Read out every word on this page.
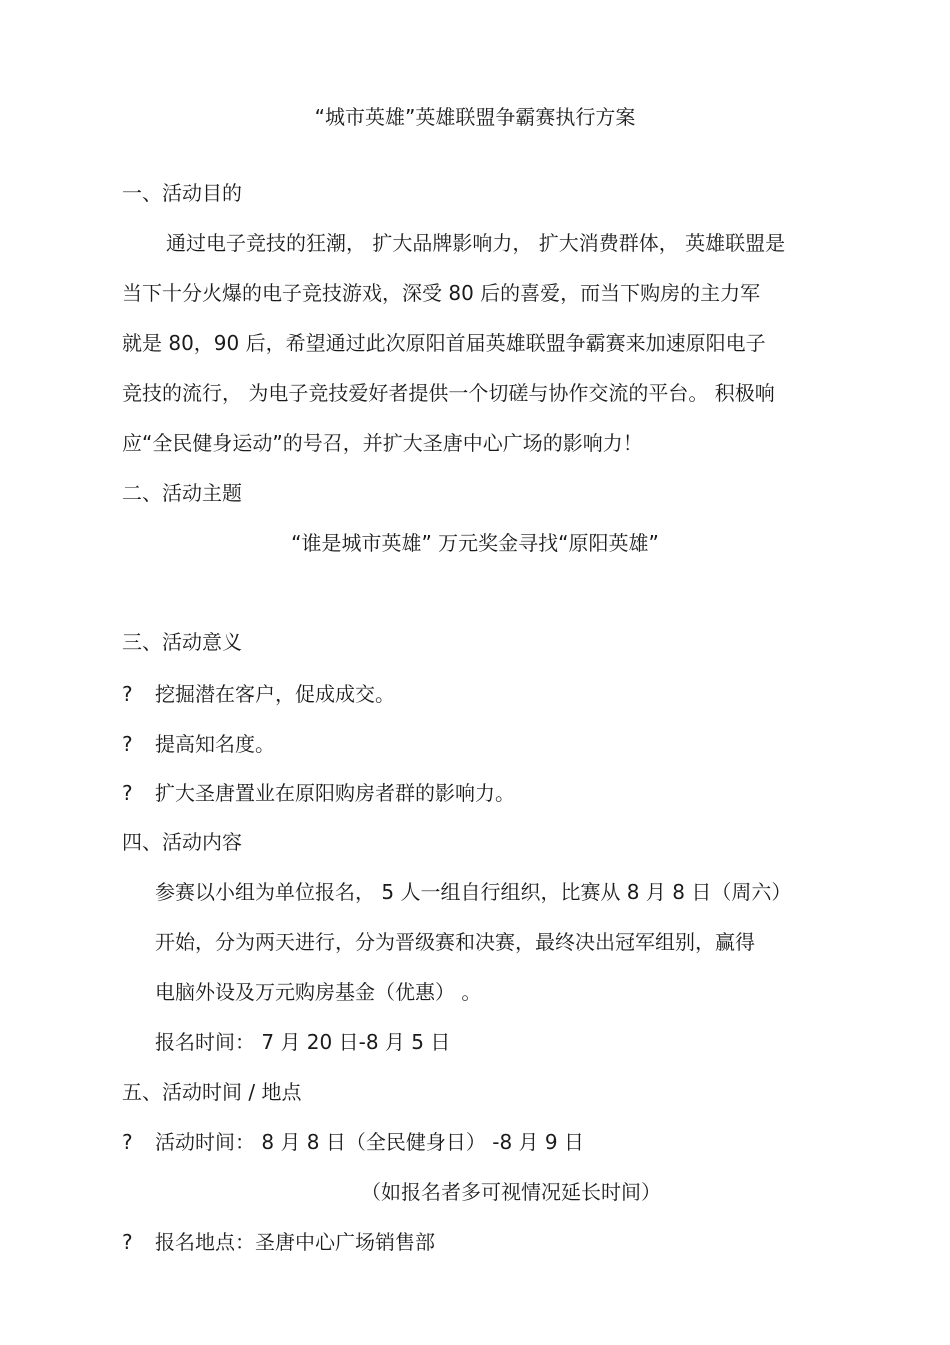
“城市英雄”英雄联盟争霸赛执行方案
一、活动目的
通过电子竞技的狂潮， 扩大品牌影响力， 扩大消费群体， 英雄联盟是
当下十分火爆的电子竞技游戏，深受 80 后的喜爱，而当下购房的主力军
就是 80，90 后，希望通过此次原阳首届英雄联盟争霸赛来加速原阳电子
竞技的流行， 为电子竞技爱好者提供一个切磋与协作交流的平台。 积极响
应“全民健身运动”的号召，并扩大圣唐中心广场的影响力！
二、活动主题
“谁是城市英雄” 万元奖金寻找“原阳英雄”
三、活动意义
? 挖掘潜在客户，促成成交。
? 提高知名度。
? 扩大圣唐置业在原阳购房者群的影响力。
四、活动内容
参赛以小组为单位报名， 5 人一组自行组织，比赛从 8 月 8 日（周六）
开始，分为两天进行，分为晋级赛和决赛，最终决出冠军组别，赢得
电脑外设及万元购房基金（优惠） 。
报名时间： 7 月 20 日-8 月 5 日
五、活动时间 / 地点
? 活动时间： 8 月 8 日（全民健身日） -8 月 9 日
（如报名者多可视情况延长时间）
? 报名地点：圣唐中心广场销售部
